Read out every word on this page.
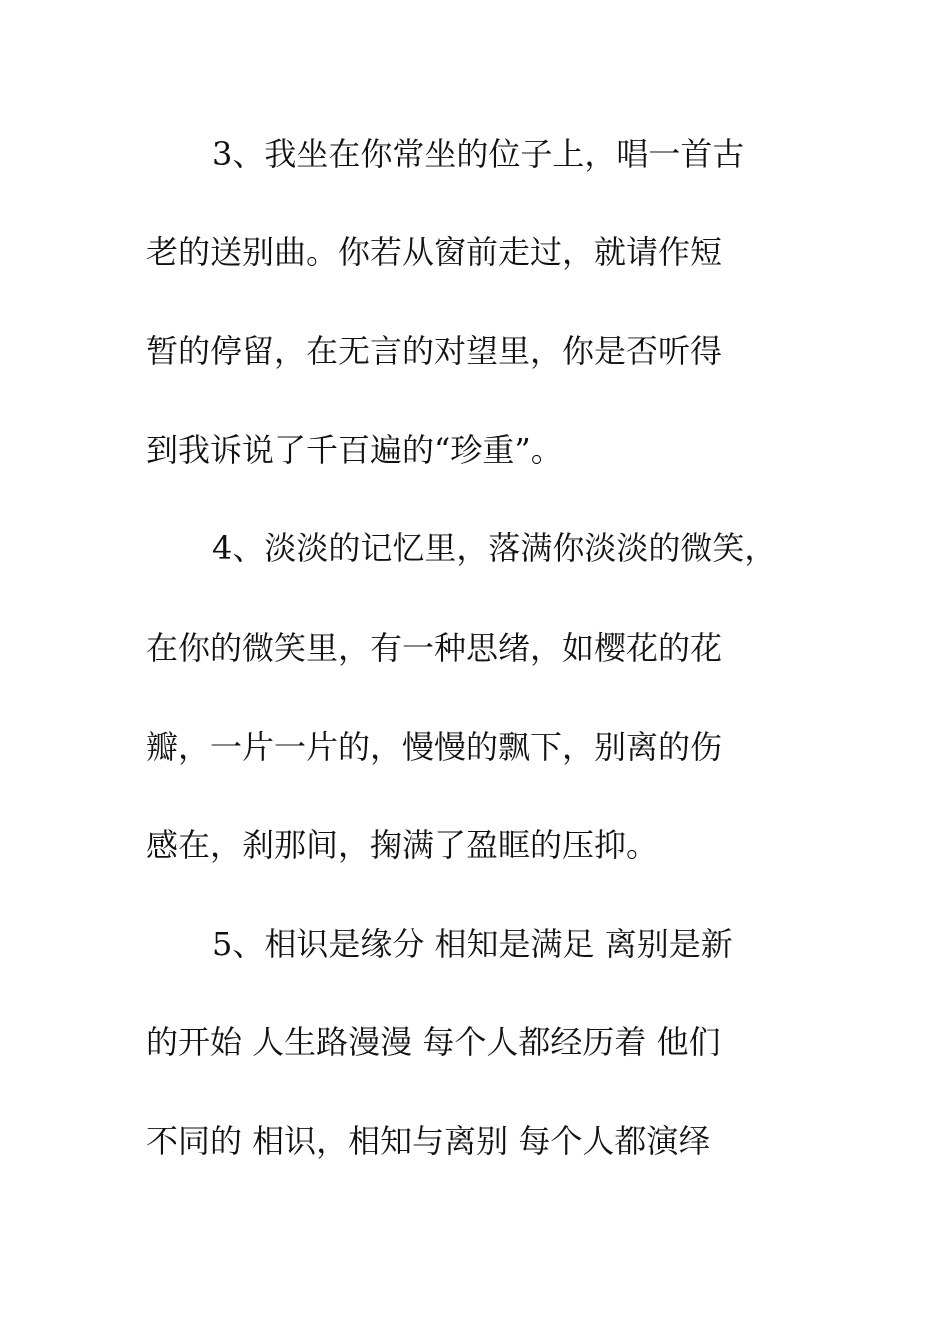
3、我坐在你常坐的位子上，唱一首古
老的送别曲。你若从窗前走过，就请作短
暂的停留，在无言的对望里，你是否听得
到我诉说了千百遍的“珍重”。
4、淡淡的记忆里，落满你淡淡的微笑，
在你的微笑里，有一种思绪，如樱花的花
瓣，一片一片的，慢慢的飘下，别离的伤
感在，刹那间，掬满了盈眶的压抑。
5、相识是缘分 相知是满足 离别是新
的开始 人生路漫漫 每个人都经历着 他们
不同的 相识，相知与离别 每个人都演绎
